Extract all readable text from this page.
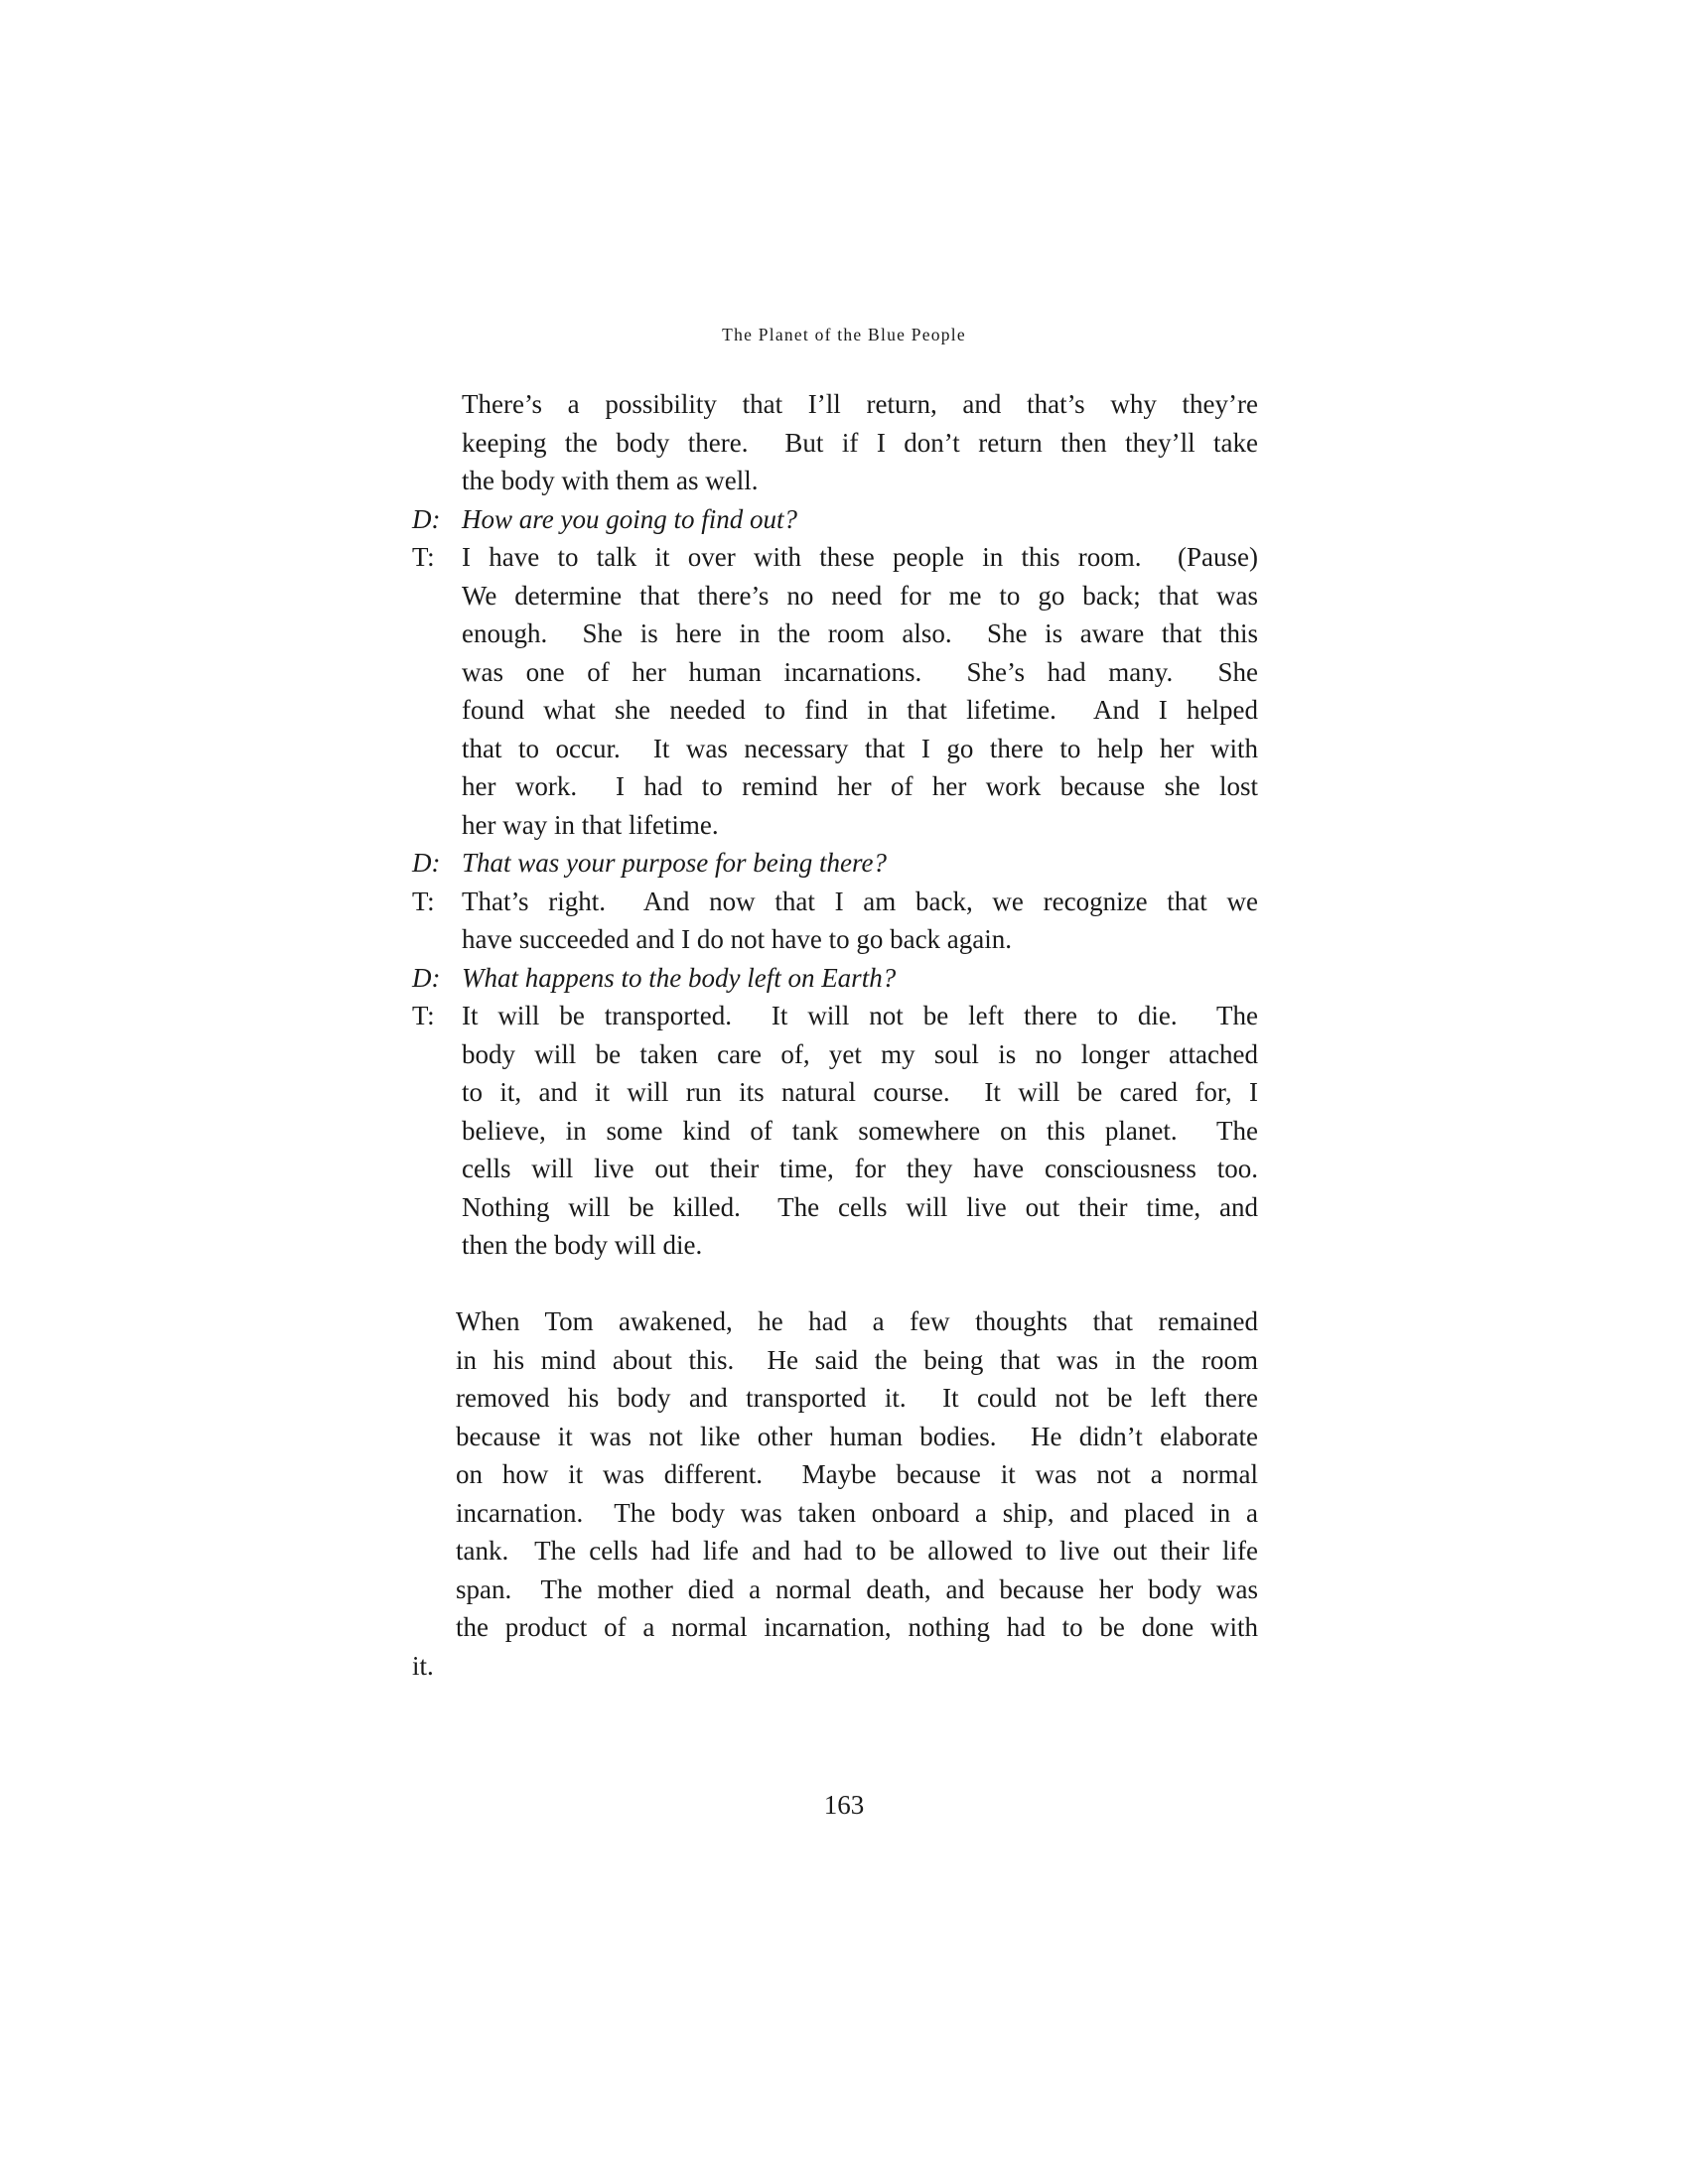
The Planet of the Blue People
There’s a possibility that I’ll return, and that’s why they’re
keeping the body there.  But if I don’t return then they’ll take
the body with them as well.
D: How are you going to find out?
T:	I have to talk it over with these people in this room.  (Pause)
We determine that there’s no need for me to go back; that was
enough.  She is here in the room also.  She is aware that this
was one of her human incarnations.  She’s had many.  She
found what she needed to find in that lifetime.  And I helped
that to occur.  It was necessary that I go there to help her with
her work.  I had to remind her of her work because she lost
her way in that lifetime.
D: That was your purpose for being there?
T:	That’s right.  And now that I am back, we recognize that we
have succeeded and I do not have to go back again.
D: What happens to the body left on Earth?
T:	It will be transported.  It will not be left there to die.  The
body will be taken care of, yet my soul is no longer attached
to it, and it will run its natural course.  It will be cared for, I
believe, in some kind of tank somewhere on this planet.  The
cells will live out their time, for they have consciousness too.
Nothing will be killed.  The cells will live out their time, and
then the body will die.
When Tom awakened, he had a few thoughts that remained
in his mind about this.  He said the being that was in the room
removed his body and transported it.  It could not be left there
because it was not like other human bodies.  He didn’t elaborate
on how it was different.  Maybe because it was not a normal
incarnation.  The body was taken onboard a ship, and placed in a
tank.  The cells had life and had to be allowed to live out their life
span.  The mother died a normal death, and because her body was
the product of a normal incarnation, nothing had to be done with
it.
163
